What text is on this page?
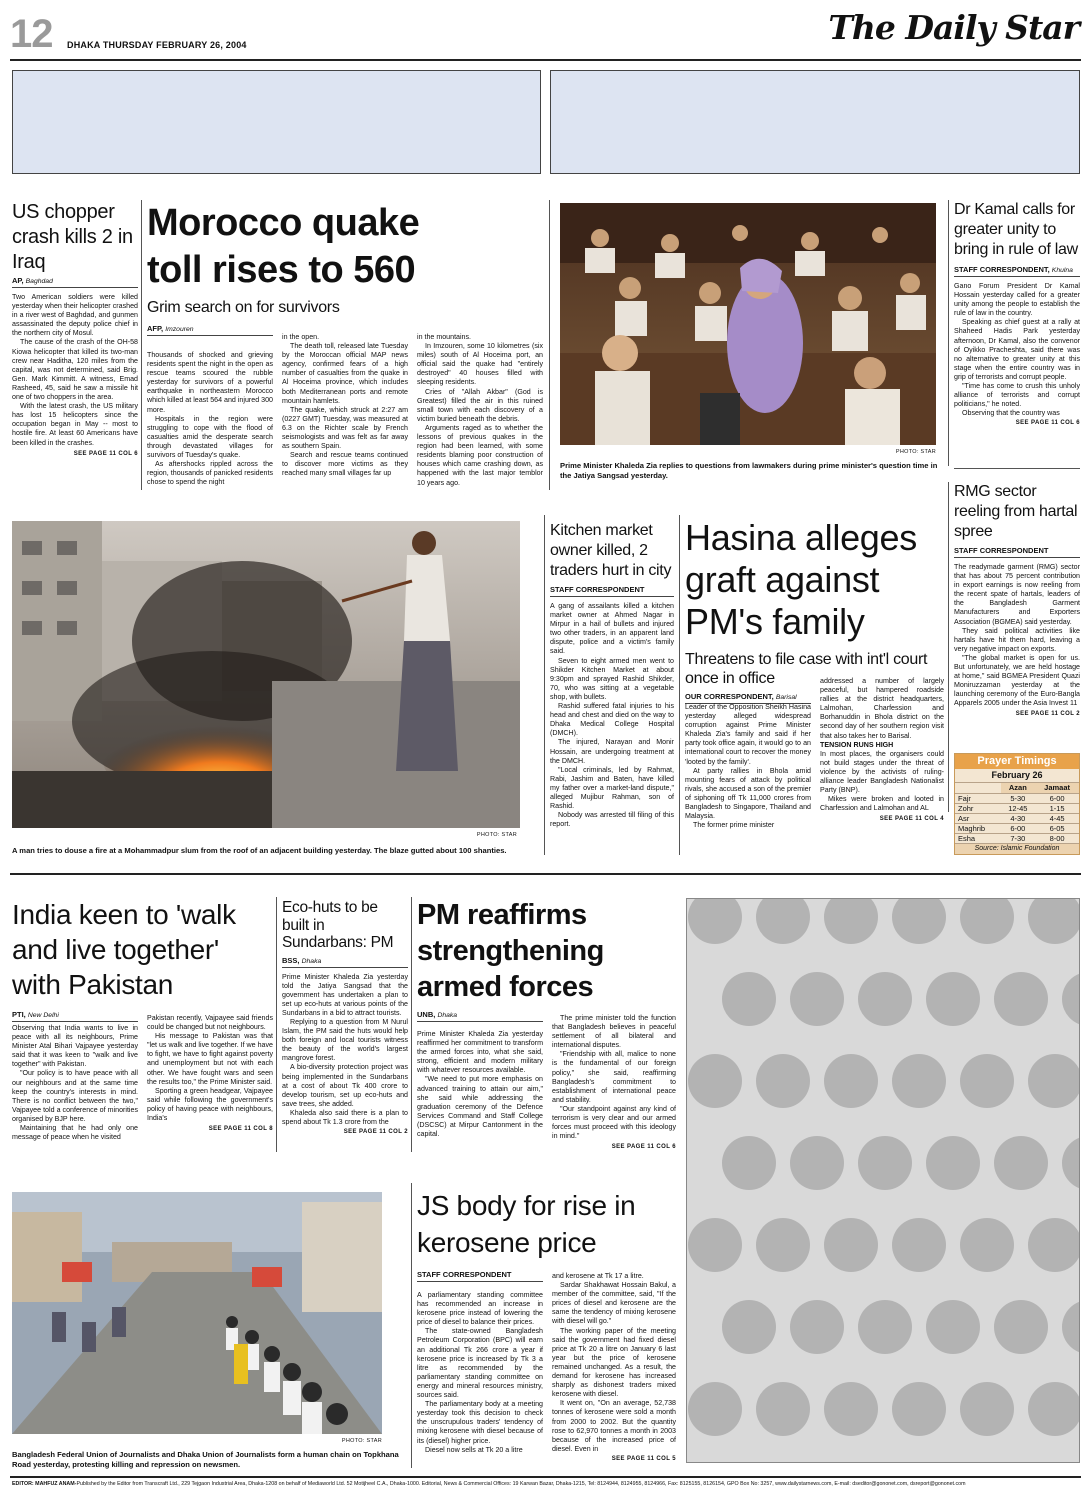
12 DHAKA THURSDAY FEBRUARY 26, 2004	The Daily Star
US chopper crash kills 2 in Iraq
AP, Baghdad

Two American soldiers were killed yesterday when their helicopter crashed in a river west of Baghdad, and gunmen assassinated the deputy police chief in the northern city of Mosul.

The cause of the crash of the OH-58 Kiowa helicopter that killed its two-man crew near Haditha, 120 miles from the capital, was not determined, said Brig. Gen. Mark Kimmitt. A witness, Emad Rasheed, 45, said he saw a missile hit one of two choppers in the area.

With the latest crash, the US military has lost 15 helicopters since the occupation began in May -- most to hostile fire. At least 60 Americans have been killed in the crashes.

SEE PAGE 11 COL 6
Morocco quake toll rises to 560
Grim search on for survivors
AFP, Imzouren

Thousands of shocked and grieving residents spent the night in the open as rescue teams scoured the rubble yesterday for survivors of a powerful earthquake in northeastern Morocco which killed at least 564 and injured 300 more.

Hospitals in the region were struggling to cope with the flood of casualties amid the desperate search through devastated villages for survivors of Tuesday's quake.

As aftershocks rippled across the region, thousands of panicked residents chose to spend the night

in the open.

The death toll, released late Tuesday by the Moroccan official MAP news agency, confirmed fears of a high number of casualties from the quake in Al Hoceima province, which includes both Mediterranean ports and remote mountain hamlets.

The quake, which struck at 2:27 am (0227 GMT) Tuesday, was measured at 6.3 on the Richter scale by French seismologists and was felt as far away as southern Spain.

Search and rescue teams continued to discover more victims as they reached many small villages far up

in the mountains.

In Imzouren, some 10 kilometres (six miles) south of Al Hoceima port, an official said the quake had "entirely destroyed" 40 houses filled with sleeping residents.

Cries of "Allah Akbar" (God is Greatest) filled the air in this ruined small town with each discovery of a victim buried beneath the debris.

Arguments raged as to whether the lessons of previous quakes in the region had been learned, with some residents blaming poor construction of houses which came crashing down, as happened with the last major temblor 10 years ago.

PHOTO: STAR
Prime Minister Khaleda Zia replies to questions from lawmakers during prime minister's question time in the Jatiya Sangsad yesterday.
Dr Kamal calls for greater unity to bring in rule of law
STAFF CORRESPONDENT, Khulna

Gano Forum President Dr Kamal Hossain yesterday called for a greater unity among the people to establish the rule of law in the country.

Speaking as chief guest at a rally at Shaheed Hadis Park yesterday afternoon, Dr Kamal, also the convenor of Oyikko Pracheshta, said there was no alternative to greater unity at this stage when the entire country was in grip of terrorists and corrupt people.

"Time has come to crush this unholy alliance of terrorists and corrupt politicians," he noted.

Observing that the country was

SEE PAGE 11 COL 6
PHOTO: STAR
A man tries to douse a fire at a Mohammadpur slum from the roof of an adjacent building yesterday. The blaze gutted about 100 shanties.
Kitchen market owner killed, 2 traders hurt in city
STAFF CORRESPONDENT

A gang of assailants killed a kitchen market owner at Ahmed Nagar in Mirpur in a hail of bullets and injured two other traders, in an apparent land dispute, police and a victim's family said.

Seven to eight armed men went to Shikder Kitchen Market at about 9:30pm and sprayed Rashid Shikder, 70, who was sitting at a vegetable shop, with bullets.

Rashid suffered fatal injuries to his head and chest and died on the way to Dhaka Medical College Hospital (DMCH).

The injured, Narayan and Monir Hossain, are undergoing treatment at the DMCH.

"Local criminals, led by Rahmat, Rabi, Jashim and Baten, have killed my father over a market-land dispute," alleged Mujibur Rahman, son of Rashid.

Nobody was arrested till filing of this report.

Hasina alleges graft against PM's family
Threatens to file case with int'l court once in office
OUR CORRESPONDENT, Barisal

Leader of the Opposition Sheikh Hasina yesterday alleged widespread corruption against Prime Minister Khaleda Zia's family and said if her party took office again, it would go to an international court to recover the money 'looted by the family'.

At party rallies in Bhola amid mounting fears of attack by political rivals, she accused a son of the premier of siphoning off Tk 11,000 crores from Bangladesh to Singapore, Thailand and Malaysia.

The former prime minister

addressed a number of largely peaceful, but hampered roadside rallies at the district headquarters, Lalmohan, Charfession and Borhanuddin in Bhola district on the second day of her southern region visit that also takes her to Barisal.

TENSION RUNS HIGH

In most places, the organisers could not build stages under the threat of violence by the activists of ruling-alliance leader Bangladesh Nationalist Party (BNP).

Mikes were broken and looted in Charfession and Lalmohan and AL

SEE PAGE 11 COL 4
RMG sector reeling from hartal spree
STAFF CORRESPONDENT

The readymade garment (RMG) sector that has about 75 percent contribution in export earnings is now reeling from the recent spate of hartals, leaders of the Bangladesh Garment Manufacturers and Exporters Association (BGMEA) said yesterday.

They said political activities like hartals have hit them hard, leaving a very negative impact on exports.

"The global market is open for us. But unfortunately, we are held hostage at home," said BGMEA President Quazi Moniruzzaman yesterday at the launching ceremony of the Euro-Bangla Apparels 2005 under the Asia Invest 11

SEE PAGE 11 COL 2
Prayer Timings
February 26
	Azan	Jamaat
Fajr	5-30	6-00
Zohr	12-45	1-15
Asr	4-30	4-45
Maghrib	6-00	6-05
Esha	7-30	8-00
Source: Islamic Foundation
India keen to 'walk and live together' with Pakistan
PTI, New Delhi

Observing that India wants to live in peace with all its neighbours, Prime Minister Atal Bihari Vajpayee yesterday said that it was keen to "walk and live together" with Pakistan.

"Our policy is to have peace with all our neighbours and at the same time keep the country's interests in mind. There is no conflict between the two," Vajpayee told a conference of minorities organised by BJP here.

Maintaining that he had only one message of peace when he visited

Pakistan recently, Vajpayee said friends could be changed but not neighbours.

His message to Pakistan was that "let us walk and live together. If we have to fight, we have to fight against poverty and unemployment but not with each other. We have fought wars and seen the results too," the Prime Minister said.

Sporting a green headgear, Vajpayee said while following the government's policy of having peace with neighbours, India's

SEE PAGE 11 COL 8
Eco-huts to be built in Sundarbans: PM
BSS, Dhaka

Prime Minister Khaleda Zia yesterday told the Jatiya Sangsad that the government has undertaken a plan to set up eco-huts at various points of the Sundarbans in a bid to attract tourists.

Replying to a question from M Nurul Islam, the PM said the huts would help both foreign and local tourists witness the beauty of the world's largest mangrove forest.

A bio-diversity protection project was being implemented in the Sundarbans at a cost of about Tk 400 crore to develop tourism, set up eco-huts and save trees, she added.

Khaleda also said there is a plan to spend about Tk 1.3 crore from the

SEE PAGE 11 COL 2
PM reaffirms strengthening armed forces
UNB, Dhaka

Prime Minister Khaleda Zia yesterday reaffirmed her commitment to transform the armed forces into, what she said, strong, efficient and modern military with whatever resources available.

"We need to put more emphasis on advanced training to attain our aim," she said while addressing the graduation ceremony of the Defence Services Command and Staff College (DSCSC) at Mirpur Cantonment in the capital.

The prime minister told the function that Bangladesh believes in peaceful settlement of all bilateral and international disputes.

"Friendship with all, malice to none is the fundamental of our foreign policy," she said, reaffirming Bangladesh's commitment to establishment of international peace and stability.

"Our standpoint against any kind of terrorism is very clear and our armed forces must proceed with this ideology in mind."

SEE PAGE 11 COL 6
PHOTO: STAR
Bangladesh Federal Union of Journalists and Dhaka Union of Journalists form a human chain on Topkhana Road yesterday, protesting killing and repression on newsmen.
JS body for rise in kerosene price
STAFF CORRESPONDENT

A parliamentary standing committee has recommended an increase in kerosene price instead of lowering the price of diesel to balance their prices.

The state-owned Bangladesh Petroleum Corporation (BPC) will earn an additional Tk 266 crore a year if kerosene price is increased by Tk 3 a litre as recommended by the parliamentary standing committee on energy and mineral resources ministry, sources said.

The parliamentary body at a meeting yesterday took this decision to check the unscrupulous traders' tendency of mixing kerosene with diesel because of its (diesel) higher price.

Diesel now sells at Tk 20 a litre

and kerosene at Tk 17 a litre.

Sardar Shakhawat Hossain Bakul, a member of the committee, said, "If the prices of diesel and kerosene are the same the tendency of mixing kerosene with diesel will go."

The working paper of the meeting said the government had fixed diesel price at Tk 20 a litre on January 6 last year but the price of kerosene remained unchanged. As a result, the demand for kerosene has increased sharply as dishonest traders mixed kerosene with diesel.

It went on, "On an average, 52,738 tonnes of kerosene were sold a month from 2000 to 2002. But the quantity rose to 62,970 tonnes a month in 2003 because of the increased price of diesel. Even in

SEE PAGE 11 COL 5
EDITOR: MAHFUZ ANAM-Published by the Editor from Transcraft Ltd., 229 Tejgaon Industrial Area, Dhaka-1208 on behalf of Mediaworld Ltd. 52 Motijheel C.A., Dhaka-1000. Editorial, News & Commercial Offices: 19 Karwan Bazar, Dhaka-1215, Tel: 8124944, 8124955, 8124966, Fax: 8125155, 8126154, GPO Box No: 3257, www.dailystarnews.com, E-mail: dseditor@gononet.com, dsreport@gononet.com
